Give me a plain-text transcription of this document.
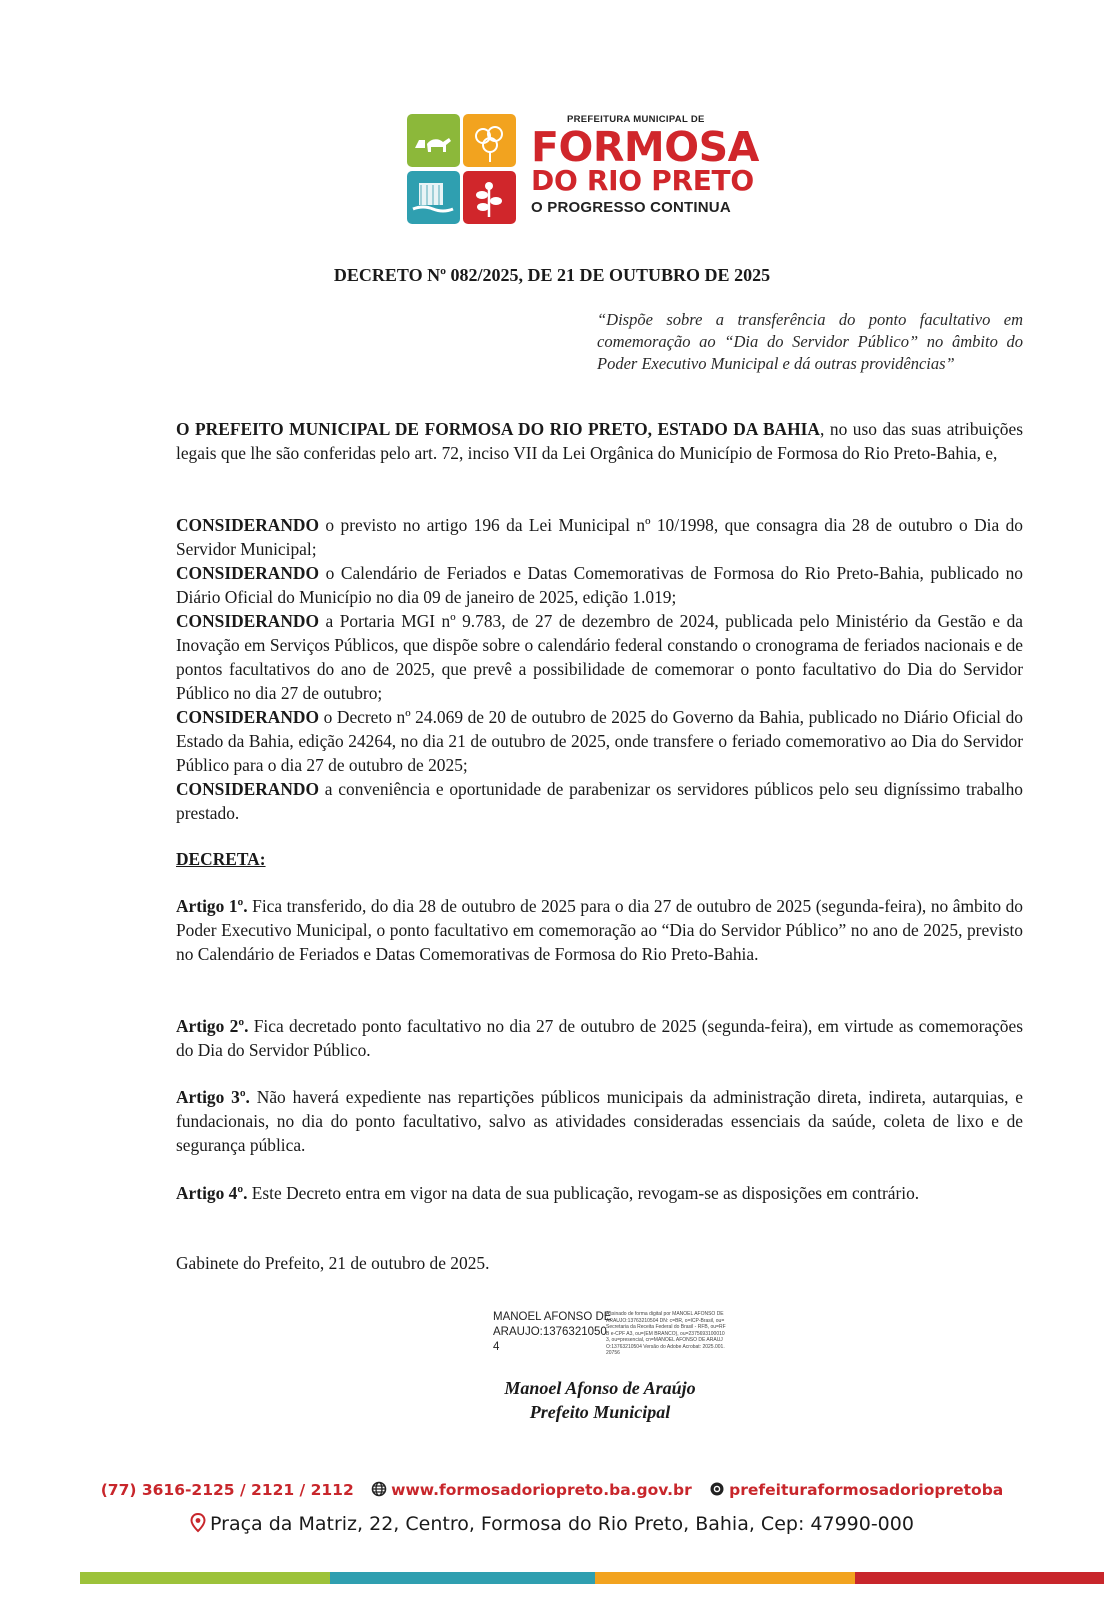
PREFEITURA MUNICIPAL DE
FORMOSA
DO RIO PRETO
O PROGRESSO CONTINUA
DECRETO Nº 082/2025, DE 21 DE OUTUBRO DE 2025
“Dispõe sobre a transferência do ponto facultativo em comemoração ao “Dia do Servidor Público” no âmbito do Poder Executivo Municipal e dá outras providências”

O PREFEITO MUNICIPAL DE FORMOSA DO RIO PRETO, ESTADO DA BAHIA, no uso das suas atribuições legais que lhe são conferidas pelo art. 72, inciso VII da Lei Orgânica do Município de Formosa do Rio Preto-Bahia, e,

CONSIDERANDO o previsto no artigo 196 da Lei Municipal nº 10/1998, que consagra dia 28 de outubro o Dia do Servidor Municipal;

CONSIDERANDO o Calendário de Feriados e Datas Comemorativas de Formosa do Rio Preto-Bahia, publicado no Diário Oficial do Município no dia 09 de janeiro de 2025, edição 1.019;

CONSIDERANDO a Portaria MGI nº 9.783, de 27 de dezembro de 2024, publicada pelo Ministério da Gestão e da Inovação em Serviços Públicos, que dispõe sobre o calendário federal constando o cronograma de feriados nacionais e de pontos facultativos do ano de 2025, que prevê a possibilidade de comemorar o ponto facultativo do Dia do Servidor Público no dia 27 de outubro;

CONSIDERANDO o Decreto nº 24.069 de 20 de outubro de 2025 do Governo da Bahia, publicado no Diário Oficial do Estado da Bahia, edição 24264, no dia 21 de outubro de 2025, onde transfere o feriado comemorativo ao Dia do Servidor Público para o dia 27 de outubro de 2025;

CONSIDERANDO a conveniência e oportunidade de parabenizar os servidores públicos pelo seu digníssimo trabalho prestado.

DECRETA:

Artigo 1º. Fica transferido, do dia 28 de outubro de 2025 para o dia 27 de outubro de 2025 (segunda-feira), no âmbito do Poder Executivo Municipal, o ponto facultativo em comemoração ao “Dia do Servidor Público” no ano de 2025, previsto no Calendário de Feriados e Datas Comemorativas de Formosa do Rio Preto-Bahia.

Artigo 2º. Fica decretado ponto facultativo no dia 27 de outubro de 2025 (segunda-feira), em virtude as comemorações do Dia do Servidor Público.

Artigo 3º. Não haverá expediente nas repartições públicos municipais da administração direta, indireta, autarquias, e fundacionais, no dia do ponto facultativo, salvo as atividades consideradas essenciais da saúde, coleta de lixo e de segurança pública.

Artigo 4º. Este Decreto entra em vigor na data de sua publicação, revogam-se as disposições em contrário.

Gabinete do Prefeito, 21 de outubro de 2025.

MANOEL AFONSO DE ARAUJO:13763210504
Assinado de forma digital por MANOEL AFONSO DE ARAUJO:13763210504 DN: c=BR, o=ICP-Brasil, ou=Secretaria da Receita Federal do Brasil - RFB, ou=RFB e-CPF A3, ou=(EM BRANCO), ou=23756931000103, ou=presencial, cn=MANOEL AFONSO DE ARAUJO:13763210504 Versão do Adobe Acrobat: 2025.001.20756
Manoel Afonso de Araújo
Prefeito Municipal
(77) 3616-2125 / 2121 / 2112 www.formosadoriopreto.ba.gov.br prefeituraformosadoriopretoba
Praça da Matriz, 22, Centro, Formosa do Rio Preto, Bahia, Cep: 47990-000
